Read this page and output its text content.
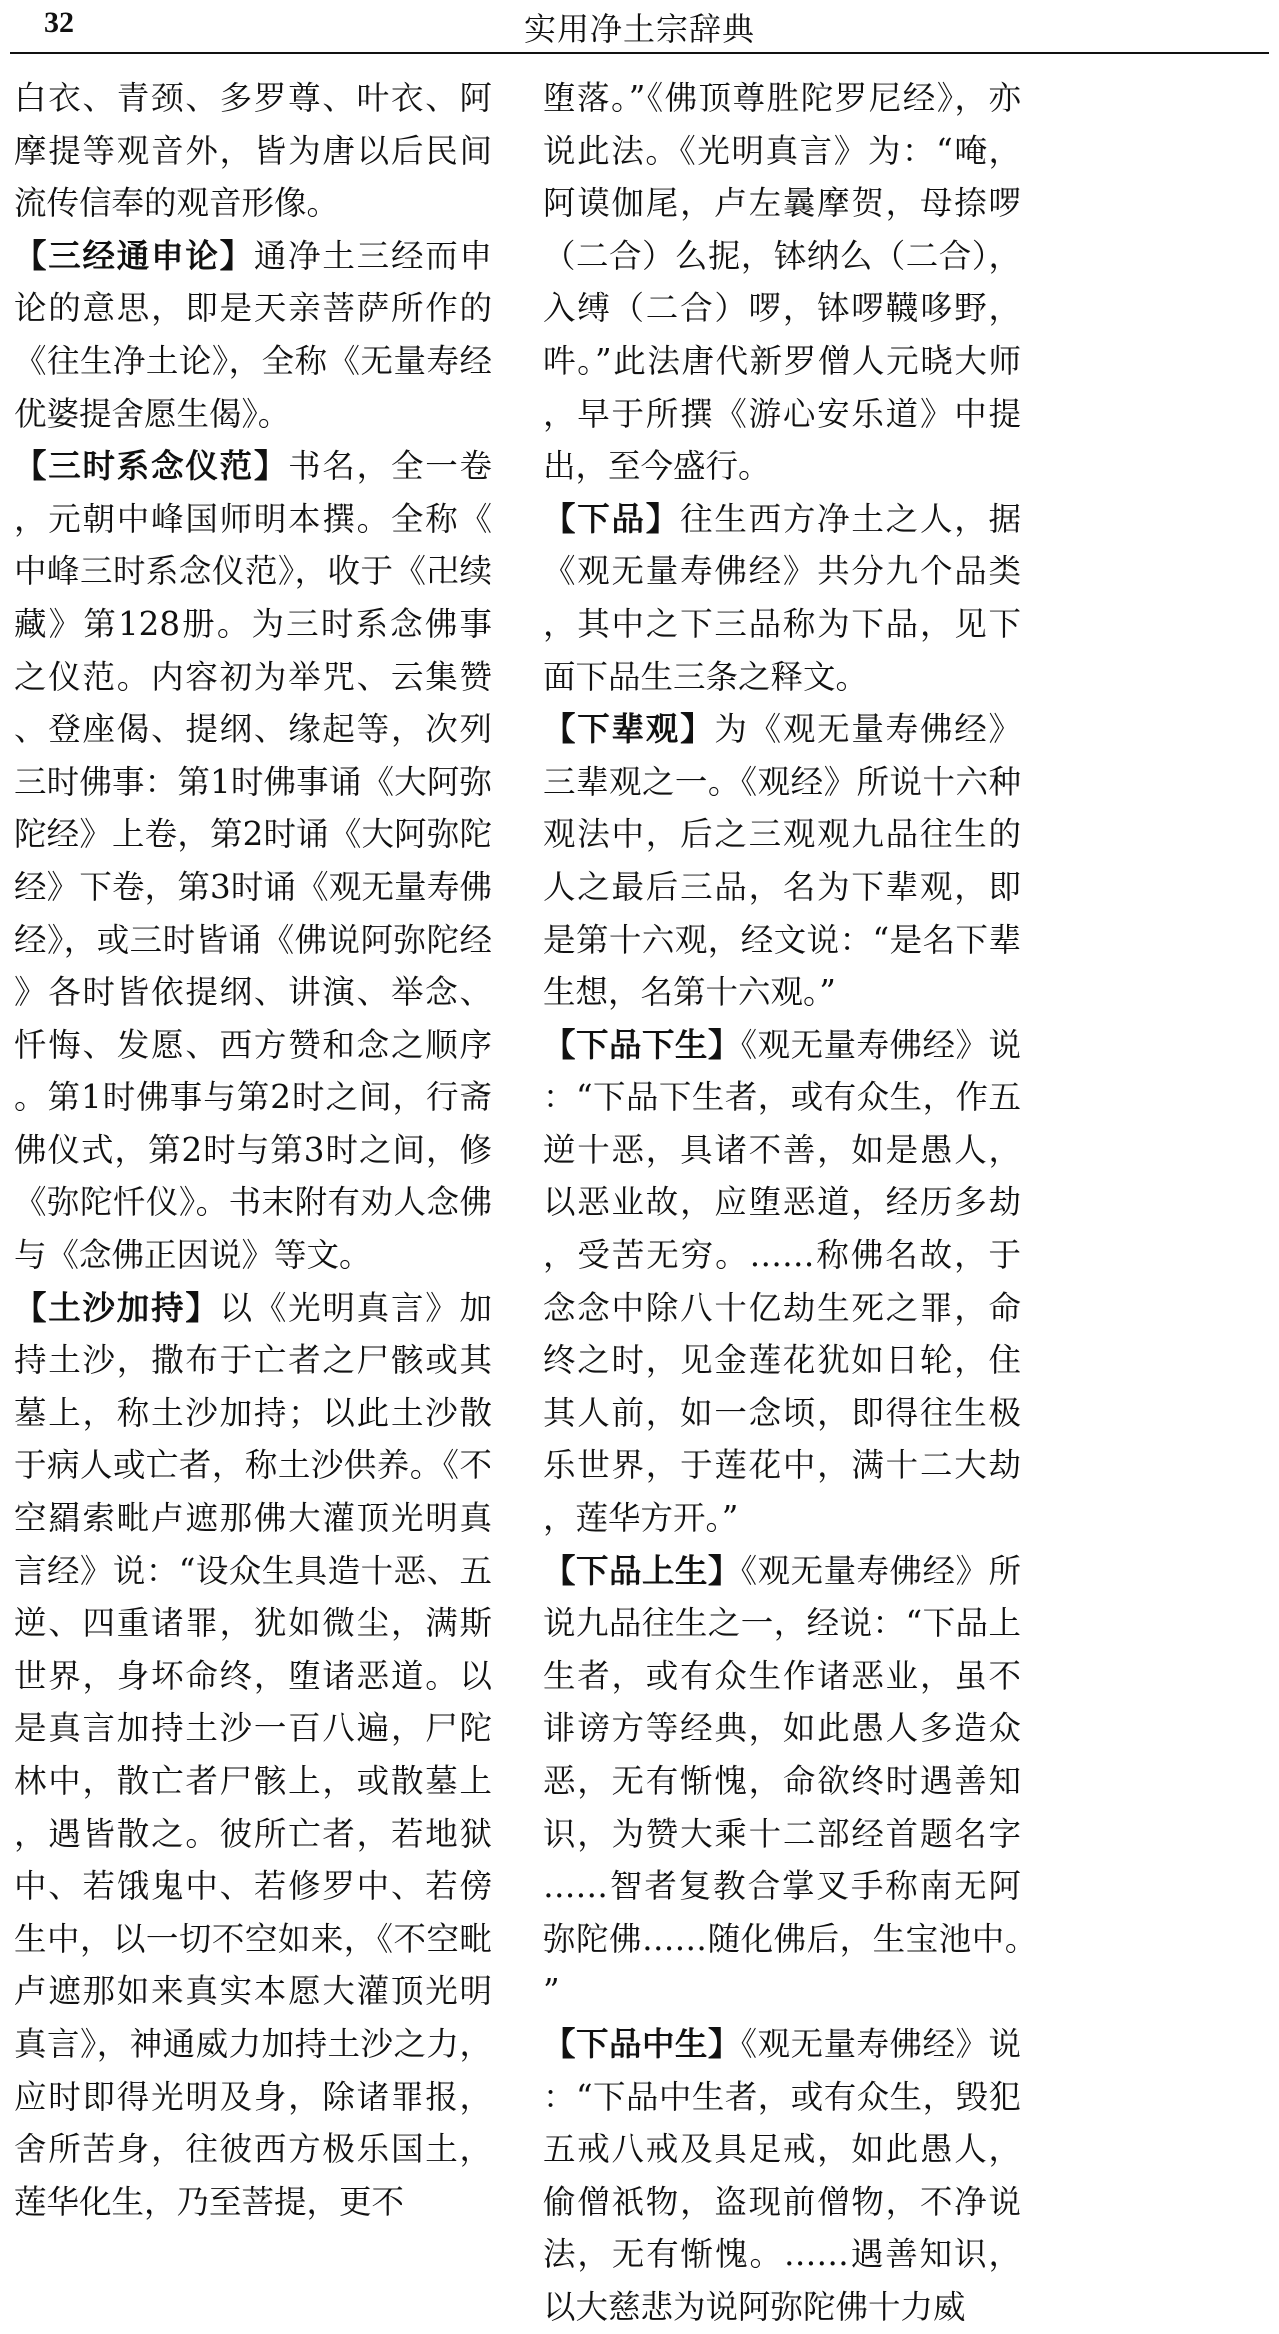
32	实用净土宗辞典

白衣、青颈、多罗尊、叶衣、阿摩提等观音外，皆为唐以后民间流传信奉的观音形像。

【三经通申论】通净土三经而申论的意思，即是天亲菩萨所作的《往生净土论》，全称《无量寿经优婆提舍愿生偈》。

【三时系念仪范】书名，全一卷，元朝中峰国师明本撰。全称《中峰三时系念仪范》，收于《卍续藏》第128册。为三时系念佛事之仪范。内容初为举咒、云集赞、登座偈、提纲、缘起等，次列三时佛事：第1时佛事诵《大阿弥陀经》上卷，第2时诵《大阿弥陀经》下卷，第3时诵《观无量寿佛经》，或三时皆诵《佛说阿弥陀经》各时皆依提纲、讲演、举念、忏悔、发愿、西方赞和念之顺序。第1时佛事与第2时之间，行斋佛仪式，第2时与第3时之间，修《弥陀忏仪》。书末附有劝人念佛与《念佛正因说》等文。

【土沙加持】以《光明真言》加持土沙，撒布于亡者之尸骸或其墓上，称土沙加持；以此土沙散于病人或亡者，称土沙供养。《不空羂索毗卢遮那佛大灌顶光明真言经》说：“设众生具造十恶、五逆、四重诸罪，犹如微尘，满斯世界，身坏命终，堕诸恶道。以是真言加持土沙一百八遍，尸陀林中，散亡者尸骸上，或散墓上，遇皆散之。彼所亡者，若地狱中、若饿鬼中、若修罗中、若傍生中，以一切不空如来，《不空毗卢遮那如来真实本愿大灌顶光明真言》，神通威力加持土沙之力，应时即得光明及身，除诸罪报，舍所苦身，往彼西方极乐国土，莲华化生，乃至菩提，更不

堕落。”《佛顶尊胜陀罗尼经》，亦说此法。《光明真言》为：“唵，阿谟伽尾，卢左曩摩贺，母捺啰（二合）么抳，钵纳么（二合），入缚（二合）啰，钵啰韈哆野，吽。”此法唐代新罗僧人元晓大师，早于所撰《游心安乐道》中提出，至今盛行。

【下品】往生西方净土之人，据《观无量寿佛经》共分九个品类，其中之下三品称为下品，见下面下品生三条之释文。

【下辈观】为《观无量寿佛经》三辈观之一。《观经》所说十六种观法中，后之三观观九品往生的人之最后三品，名为下辈观，即是第十六观，经文说：“是名下辈生想，名第十六观。”

【下品下生】《观无量寿佛经》说：“下品下生者，或有众生，作五逆十恶，具诸不善，如是愚人，以恶业故，应堕恶道，经历多劫，受苦无穷。……称佛名故，于念念中除八十亿劫生死之罪，命终之时，见金莲花犹如日轮，住其人前，如一念顷，即得往生极乐世界，于莲花中，满十二大劫，莲华方开。”

【下品上生】《观无量寿佛经》所说九品往生之一，经说：“下品上生者，或有众生作诸恶业，虽不诽谤方等经典，如此愚人多造众恶，无有惭愧，命欲终时遇善知识，为赞大乘十二部经首题名字……智者复教合掌叉手称南无阿弥陀佛……随化佛后，生宝池中。”

【下品中生】《观无量寿佛经》说：“下品中生者，或有众生，毁犯五戒八戒及具足戒，如此愚人，偷僧祇物，盗现前僧物，不净说法，无有惭愧。……遇善知识，以大慈悲为说阿弥陀佛十力威
